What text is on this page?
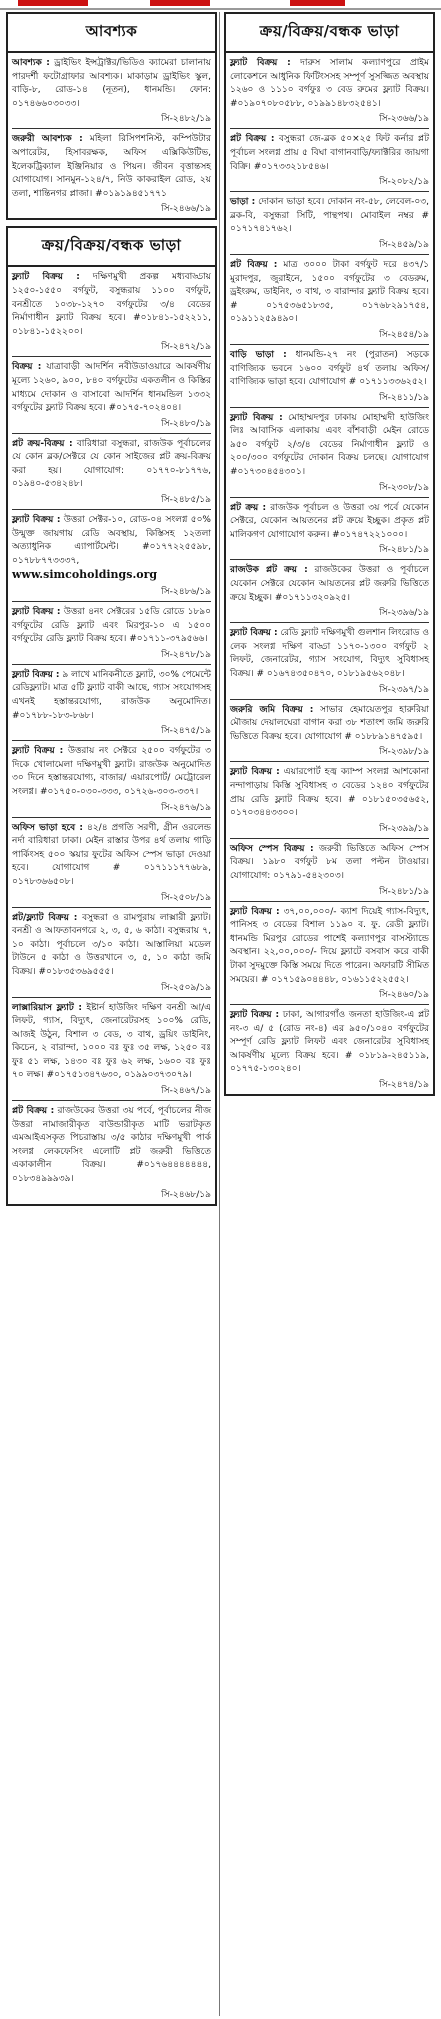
আবশ্যক
আবশ্যক : ড্রাইভিং ইন্সট্রাক্টর/ভিডিও ক্যামেরা চালানায় পারদর্শী ফটোগ্রাফার আবশ্যক। মাকাড়াম ড্রাইভিং স্কুল, বাড়ি-৮, রোড-১৪ (নূতন), ধানমন্ডি। ফোন: ০১৭৪৬৬০৩০৩৩।
সি-২৪৮২/১৯
জরুরী আবশ্যক : মহিলা রিসিপশনিস্ট, কম্পিউটার অপারেটর, হিসাবরক্ষক, অফিস এক্সিকিউটিভ, ইলেকট্রিক্যাল ইঞ্জিনিয়ার ও পিয়ন। জীবন বৃত্তান্তসহ যোগাযোগ। সানমুন-১২৪/৭, নিউ কাকরাইল রোড, ২য় তলা, শান্তিনগর প্লাজা। #০১৯১৯৪৫১৭৭১
সি-২৪৬৬/১৯
ক্রয়/বিক্রয়/বন্ধক ভাড়া
ফ্ল্যাট বিক্রয় : দক্ষিণমুখী প্রকল্প মধ্যবাড্ডায় ১২৫০-১৫৫০ বর্গফুট, বসুন্ধরায় ১১০০ বর্গফুট, বনশ্রীতে ১০৩৮-১২৭০ বর্গফুটের ৩/৪ বেডের নির্মাণাধীন ফ্ল্যাট বিক্রয় হবে। #০১৮৪১-১৫২২১১, ০১৮৪১-১৫২২০০।
সি-২৪৭২/১৯
বিক্রয় : যাত্রাবাড়ী আদর্শিন নবীউডাওয়ারে আকর্ষণীয় মূল্যে ১২৬০, ৯০০, ৮৪০ বর্গফুটের একতলীন ও কিস্তির মাধ্যমে দোকান ও বাসাবো আদর্শিন ধানমন্ডিল ১৩৩২ বর্গফুটের ফ্ল্যাট বিক্রয় হবে। #০১৭৫-৭০২৪০৪।
সি-২৪৮০/১৯
প্লট ক্রয়-বিক্রয় : বারিধারা বসুন্ধরা, রাজউক পূর্বাচলের যে কোন ব্লক/সেক্টরে যে কোন সাইজের প্লট ক্রয়-বিক্রয় করা হয়। যোগাযোগ: ০১৭৭০-৮১৭৭৬, ০১৯৪০-৫৩৪২৪৮।
সি-২৪৮৫/১৯
ফ্ল্যাট বিক্রয় : উত্তরা সেক্টর-১০, রোড-০৪ সংলগ্ন ৫০% উন্মুক্ত জায়গায় রেডি অবস্থায়, কিস্তিসহ ১২তলা অত্যাধুনিক এ্যাপার্টমেন্ট। #০১৭৭২২৫৫৯৮, ০১৭৮৮৭৭৩৩৩৭, www.simcoholdings.org
সি-২৪৮৬/১৯
ফ্ল্যাট বিক্রয় : উত্তরা ৪নং সেক্টরের ১৫ডি রোডে ১৮৯০ বর্গফুটের রেডি ফ্ল্যাট এবং মিরপুর-১০ এ ১৫০০ বর্গফুটের রেডি ফ্ল্যাট বিক্রয় হবে। #০১৭১১-৩৭৯৫৬৬।
সি-২৪৭৮/১৯
ফ্ল্যাট বিক্রয় : ৯ লাখে মানিকনীতে ফ্ল্যাট, ৩০% পেমেন্টে রেডিফ্ল্যাট। মাত্র ৫টি ফ্ল্যাট বাকী আছে, গ্যাস সংযোগসহ এখনই হস্তান্তরযোগ্য, রাজউক অনুমোদিত। #০১৭৮৮-১৮৩-৮৬৮।
সি-২৪৭৫/১৯
ফ্ল্যাট বিক্রয় : উত্তরায় নং সেক্টরে ২৫০০ বর্গফুটের ৩ দিকে খোলামেলা দক্ষিণমুখী ফ্ল্যাট। রাজউক অনুমোদিত ৩০ দিনে হস্তান্তরযোগ্য, বাজার/ এয়ারপোর্ট/ মেট্রোরেল সংলগ্ন। #০১৭৫০-০৩০-৩৩৩, ০১৭২৬-৩০৩-৩৩৭।
সি-২৪৭৬/১৯
অফিস ভাড়া হবে : ৪২/৪ প্রগতি সরণী, গ্রীন ওরলেন্ড নর্দা বারিধারা ঢাকা। মেইন রাস্তার উপর ৪র্থ তলায় গাড়ি পার্কিংসহ ৫০০ স্কয়ার ফুটের অফিস স্পেস ভাড়া দেওয়া হবে। যোগাযোগ # ০১৭১১১৭৭৬৮৯, ০১৭৮৩৬৬৫০৮।
সি-২৫০৮/১৯
প্লট/ফ্ল্যাট বিক্রয় : বসুন্ধরা ও রামপুরায় লাক্সারী ফ্ল্যাট। বনশ্রী ও আফতাবনগরে ২, ৩, ৫, ৬ কাঠা। বসুন্ধরায় ৭, ১০ কাঠা। পূর্বাচলে ৩/১০ কাঠা। আস্তালিয়া মডেল টাউনে ৫ কাঠা ও উত্তরখানে ৩, ৫, ১০ কাঠা জমি বিক্রয়। #০১৮৩৫৩৬৯৫৫৫।
সি-২৫০৯/১৯
লাক্সারিয়াস ফ্ল্যাট : ইষ্টার্ন হাউজিং দক্ষিণ বনশ্রী আ/এ লিফট, গ্যাস, বিদ্যুৎ, জেনারেটরসহ ১০০% রেডি, আজই উঠুন, বিশাল ৩ বেড, ৩ বাথ, ড্রয়িং ডাইনিং, কিচেন, ২ বারান্দা, ১০০০ বঃ ফুঃ ৩৫ লক্ষ, ১২৫০ বঃ ফুঃ ৫১ লক্ষ, ১৪৩০ বঃ ফুঃ ৬২ লক্ষ, ১৬০০ বঃ ফুঃ ৭০ লক্ষ। #০১৭৫১৩৪৭৬৩০, ০১৯৯০৩৭৩০৭৯।
সি-২৪৬৭/১৯
প্লট বিক্রয় : রাজউকের উত্তরা ৩য় পর্বে, পূর্বাচলের নীজ উত্তরা নামাজারীকৃত বাউন্ডারীকৃত মাটি ভরাটকৃত এমআইএসকৃত পিচরাস্তায় ৩/৫ কাঠার দক্ষিণমুখী পার্ক সংলগ্ন লেকফেসিং এলোটি প্লট জরুরী ভিত্তিতে একাকালীন বিক্রয়। #০১৭৬৪৪৪৪৪৪৪, ০১৮৩৪৯৯৯৩৯।
সি-২৪৬৮/১৯
ক্রয়/বিক্রয়/বন্ধক ভাড়া
ফ্ল্যাট বিক্রয় : দারুস সালাম কল্যাণপুরে প্রাইম লোকেশনে আধুনিক ফিটিংসসহ সম্পূর্ণ সুসজ্জিত অবস্থায় ১২৬০ ও ১১১০ বর্গফুঃ ৩ বেড রুমের ফ্ল্যাট বিক্রয়। #০১৯০৭০৮০৫৮৮, ০১৯৯১৪৮৩২৫৪১।
সি-২৩৬৬/১৯
প্লট বিক্রয় : বসুন্ধরা জে-ব্লক ৫০×২৫ ফিট কর্নার প্লট পূর্বাচল সংলগ্ন প্রায় ৫ বিঘা বাগানবাড়ি/ফ্যাক্টরির জায়গা বিক্রি। #০১৭৩৩২১৮৫৪৬।
সি-২০৮২/১৯
ভাড়া : দোকান ভাড়া হবে। দোকান নং-৫৮, লেবেল-০৩, ব্লক-বি, বসুন্ধরা সিটি, পান্থপথ। মোবাইল নম্বর # ০১৭১৭৪১৭৬২।
সি-২৪৫৯/১৯
প্লট বিক্রয় : মাত্র ৩০০০ টাকা বর্গফুট দরে ৪৩৭/১ মুরাদপুর, জুরাইনে, ১৫০০ বর্গফুটের ৩ বেডরুম, ড্রইংরুম, ডাইনিং, ৩ বাথ, ৩ বারান্দার ফ্ল্যাট বিক্রয় হবে। # ০১৭৫৩৬৫১৮৩৫, ০১৭৬৮২৯১৭৫৪, ০১৯১১২৫৯৪৯০।
সি-২৪৫৪/১৯
বাড়ি ভাড়া : ধানমন্ডি-২৭ নং (পুরাতন) সড়কে বাণিজ্যিক ভবনে ১৬০০ বর্গফুট ৪র্থ তলায় অফিস/বাণিজ্যিক ভাড়া হবে। যোগাযোগ # ০১৭১১৩৩৬২৫২।
সি-২৪১১/১৯
ফ্ল্যাট বিক্রয় : মোহাম্মদপুর ঢাকায় মোহাম্মদী হাউজিং লিঃ আবাসিক এলাকায় এবং বাঁশবাড়ী মেইন রোডে ৯৫০ বর্গফুট ২/৩/৪ বেডের নির্মাণাধীন ফ্ল্যাট ও ২০০/৩০০ বর্গফুটের দোকান বিক্রয় চলছে। যোগাযোগ #০১৭৩০৪৫৪৩০১।
সি-২৩০৮/১৯
প্লট ক্রয় : রাজউক পূর্বাচল ও উত্তরা ৩য় পর্বে যেকোন সেক্টরে, যেকোন আয়তনের প্লট ক্রয়ে ইচ্ছুক। প্রকৃত প্লট মালিকগণ যোগাযোগ করুন। #০১৭৪৭২২১০০০।
সি-২৪৮১/১৯
রাজউক প্লট ক্রয় : রাজউকের উত্তরা ও পূর্বাচলে যেকোন সেক্টরে যেকোন আয়তনের প্লট জরুরি ভিত্তিতে ক্রয়ে ইচ্ছুক। #০১৭১১৩২০৯২৫।
সি-২৩৯৬/১৯
ফ্ল্যাট বিক্রয় : রেডি ফ্ল্যাট দক্ষিণমুখী গুলশান লিংরোড ও লেক সংলগ্ন দক্ষিণ বাড্ডা ১১৭০-১৩০০ বর্গফুট ২ লিফট, জেনারেটর, গ্যাস সংযোগ, বিদ্যুৎ সুবিধাসহ বিক্রয়। # ০১৬৭৪৩৫০৪৭০, ০১৮১৯৫৬২০৪৮।
সি-২৩৯৭/১৯
জরুরি জমি বিক্রয় : সাভার হেমায়েতপুর হারুরিয়া মৌজায় দেয়ালঘেরা বাগান করা ৩৮ শতাংশ জমি জরুরি ভিত্তিতে বিক্রয় হবে। যোগাযোগ # ০১৮৮৯১৪৭৫৯৫।
সি-২৩৯৮/১৯
ফ্ল্যাট বিক্রয় : এয়ারপোর্ট হজ্ব ক্যাম্প সংলগ্ন আশকোনা নন্দাপাড়ায় কিস্তি সুবিধাসহ ৩ বেডের ১২৪০ বর্গফুটের প্রায় রেডি ফ্ল্যাট বিক্রয় হবে। # ০১৮১৫০৩৫৬৫২, ০১৭০৩৪৪৩৩০০।
সি-২৩৯৯/১৯
অফিস স্পেস বিক্রয় : জরুরী ভিত্তিতে অফিস স্পেস বিক্রয়। ১৯৮০ বর্গফুট ৮ম তলা পল্টন টাওয়ার। যোগাযোগ: ০১৭৯১-৫৪২৩০৩।
সি-২৪৮১/১৯
ফ্ল্যাট বিক্রয় : ৩৭,০০,০০০/- ক্যাশ দিয়েই গ্যাস-বিদ্যুৎ, পানিসহ ৩ বেডের বিশাল ১১৯০ ব. ফু. রেডী ফ্ল্যাট। ধানমন্ডি মিরপুর রোডের পাশেই কল্যাণপুর বাসস্ট্যান্ডে অবস্থান। ২২,০০,০০০/- দিয়ে ফ্ল্যাটে বসবাস করে বাকী টাকা সুদমুক্তে কিস্তি সময়ে দিতে পারেন। অফারটি সীমিত সময়ের। # ০১৭১৫৯০৪৪৪৮, ০১৬১১৫২২৫৫২।
সি-২৪৬০/১৯
ফ্ল্যাট বিক্রয় : ঢাকা, আগারগাঁও জনতা হাউজিং-এ প্লট নং-৩ এ/ ৫ (রোড নং-৪) এর ৯৫০/১০৪০ বর্গফুটের সম্পূর্ণ রেডি ফ্ল্যাট লিফট এবং জেনারেটর সুবিধাসহ আকর্ষণীয় মূল্যে বিক্রয় হবে। # ০১৮১৯-২৪৫১১৯, ০১৭৭৫-১৩০২৪০।
সি-২৪৭৪/১৯
